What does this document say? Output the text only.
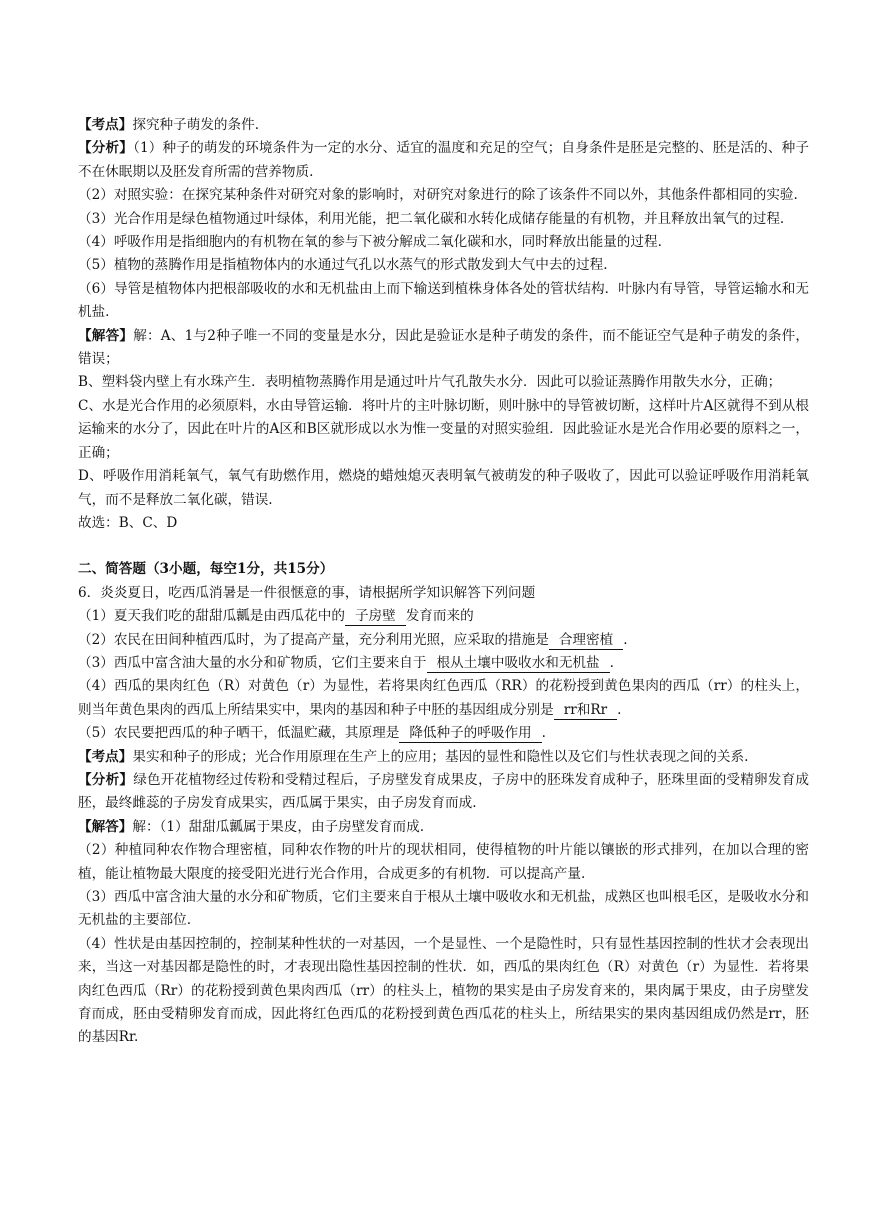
【考点】探究种子萌发的条件.

【分析】（1）种子的萌发的环境条件为一定的水分、适宜的温度和充足的空气；自身条件是胚是完整的、胚是活的、种子不在休眠期以及胚发育所需的营养物质.

（2）对照实验：在探究某种条件对研究对象的影响时，对研究对象进行的除了该条件不同以外，其他条件都相同的实验.

（3）光合作用是绿色植物通过叶绿体，利用光能，把二氧化碳和水转化成储存能量的有机物，并且释放出氧气的过程.

（4）呼吸作用是指细胞内的有机物在氧的参与下被分解成二氧化碳和水，同时释放出能量的过程.

（5）植物的蒸腾作用是指植物体内的水通过气孔以水蒸气的形式散发到大气中去的过程.

（6）导管是植物体内把根部吸收的水和无机盐由上而下输送到植株身体各处的管状结构．叶脉内有导管，导管运输水和无机盐.

【解答】解：A、1与2种子唯一不同的变量是水分，因此是验证水是种子萌发的条件，而不能证空气是种子萌发的条件，错误；

B、塑料袋内壁上有水珠产生．表明植物蒸腾作用是通过叶片气孔散失水分．因此可以验证蒸腾作用散失水分，正确；

C、水是光合作用的必须原料，水由导管运输．将叶片的主叶脉切断，则叶脉中的导管被切断，这样叶片A区就得不到从根运输来的水分了，因此在叶片的A区和B区就形成以水为惟一变量的对照实验组．因此验证水是光合作用必要的原料之一，正确；

D、呼吸作用消耗氧气，氧气有助燃作用，燃烧的蜡烛熄灭表明氧气被萌发的种子吸收了，因此可以验证呼吸作用消耗氧气，而不是释放二氧化碳，错误.

故选：B、C、D

二、简答题（3小题，每空1分，共15分）

6．炎炎夏日，吃西瓜消暑是一件很惬意的事，请根据所学知识解答下列问题

（1）夏天我们吃的甜甜瓜瓤是由西瓜花中的 子房壁 发育而来的

（2）农民在田间种植西瓜时，为了提高产量，充分利用光照，应采取的措施是 合理密植 .

（3）西瓜中富含油大量的水分和矿物质，它们主要来自于 根从土壤中吸收水和无机盐 .

（4）西瓜的果肉红色（R）对黄色（r）为显性，若将果肉红色西瓜（RR）的花粉授到黄色果肉的西瓜（rr）的柱头上，则当年黄色果肉的西瓜上所结果实中，果肉的基因和种子中胚的基因组成分别是 rr和Rr .

（5）农民要把西瓜的种子晒干，低温贮藏，其原理是 降低种子的呼吸作用 .

【考点】果实和种子的形成；光合作用原理在生产上的应用；基因的显性和隐性以及它们与性状表现之间的关系.

【分析】绿色开花植物经过传粉和受精过程后，子房壁发育成果皮，子房中的胚珠发育成种子，胚珠里面的受精卵发育成胚，最终雌蕊的子房发育成果实，西瓜属于果实，由子房发育而成.

【解答】解：（1）甜甜瓜瓤属于果皮，由子房壁发育而成.

（2）种植同种农作物合理密植，同种农作物的叶片的现状相同，使得植物的叶片能以镶嵌的形式排列，在加以合理的密植，能让植物最大限度的接受阳光进行光合作用，合成更多的有机物．可以提高产量.

（3）西瓜中富含油大量的水分和矿物质，它们主要来自于根从土壤中吸收水和无机盐，成熟区也叫根毛区，是吸收水分和无机盐的主要部位.

（4）性状是由基因控制的，控制某种性状的一对基因，一个是显性、一个是隐性时，只有显性基因控制的性状才会表现出来，当这一对基因都是隐性的时，才表现出隐性基因控制的性状．如，西瓜的果肉红色（R）对黄色（r）为显性．若将果肉红色西瓜（Rr）的花粉授到黄色果肉西瓜（rr）的柱头上，植物的果实是由子房发育来的，果肉属于果皮，由子房壁发育而成，胚由受精卵发育而成，因此将红色西瓜的花粉授到黄色西瓜花的柱头上，所结果实的果肉基因组成仍然是rr，胚的基因Rr.
